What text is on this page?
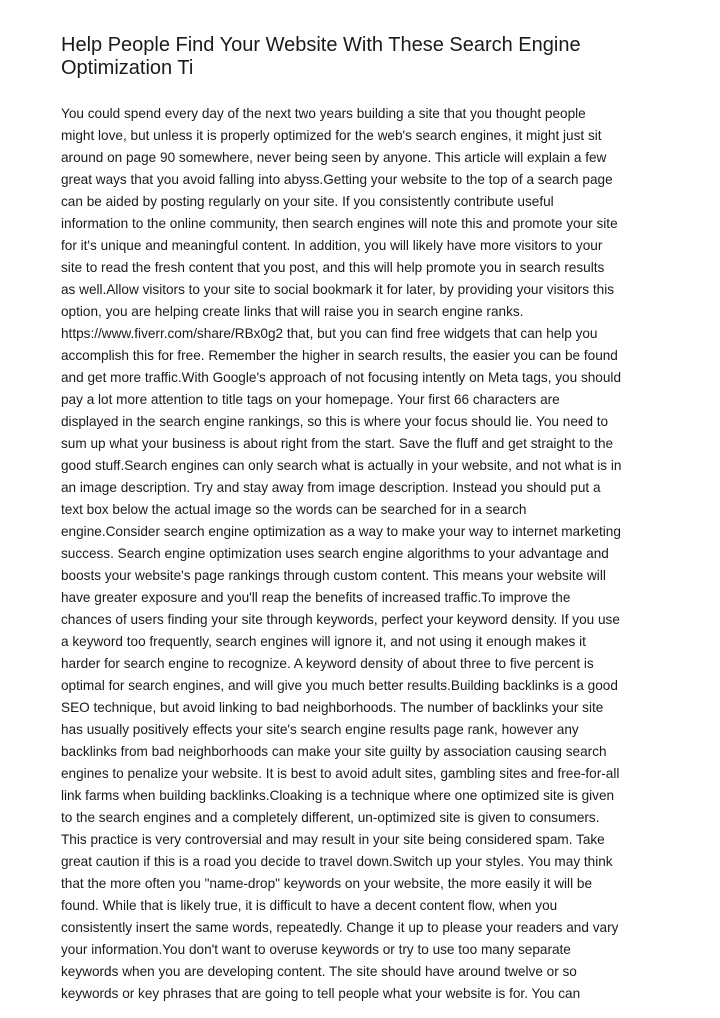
Help People Find Your Website With These Search Engine
Optimization Ti
You could spend every day of the next two years building a site that you thought people
might love, but unless it is properly optimized for the web's search engines, it might just sit
around on page 90 somewhere, never being seen by anyone. This article will explain a few
great ways that you avoid falling into abyss.Getting your website to the top of a search page
can be aided by posting regularly on your site. If you consistently contribute useful
information to the online community, then search engines will note this and promote your site
for it's unique and meaningful content. In addition, you will likely have more visitors to your
site to read the fresh content that you post, and this will help promote you in search results
as well.Allow visitors to your site to social bookmark it for later, by providing your visitors this
option, you are helping create links that will raise you in search engine ranks.
https://www.fiverr.com/share/RBx0g2 that, but you can find free widgets that can help you
accomplish this for free. Remember the higher in search results, the easier you can be found
and get more traffic.With Google's approach of not focusing intently on Meta tags, you should
pay a lot more attention to title tags on your homepage. Your first 66 characters are
displayed in the search engine rankings, so this is where your focus should lie. You need to
sum up what your business is about right from the start. Save the fluff and get straight to the
good stuff.Search engines can only search what is actually in your website, and not what is in
an image description. Try and stay away from image description. Instead you should put a
text box below the actual image so the words can be searched for in a search
engine.Consider search engine optimization as a way to make your way to internet marketing
success. Search engine optimization uses search engine algorithms to your advantage and
boosts your website's page rankings through custom content. This means your website will
have greater exposure and you'll reap the benefits of increased traffic.To improve the
chances of users finding your site through keywords, perfect your keyword density. If you use
a keyword too frequently, search engines will ignore it, and not using it enough makes it
harder for search engine to recognize. A keyword density of about three to five percent is
optimal for search engines, and will give you much better results.Building backlinks is a good
SEO technique, but avoid linking to bad neighborhoods. The number of backlinks your site
has usually positively effects your site's search engine results page rank, however any
backlinks from bad neighborhoods can make your site guilty by association causing search
engines to penalize your website. It is best to avoid adult sites, gambling sites and free-for-all
link farms when building backlinks.Cloaking is a technique where one optimized site is given
to the search engines and a completely different, un-optimized site is given to consumers.
This practice is very controversial and may result in your site being considered spam. Take
great caution if this is a road you decide to travel down.Switch up your styles. You may think
that the more often you "name-drop" keywords on your website, the more easily it will be
found. While that is likely true, it is difficult to have a decent content flow, when you
consistently insert the same words, repeatedly. Change it up to please your readers and vary
your information.You don't want to overuse keywords or try to use too many separate
keywords when you are developing content. The site should have around twelve or so
keywords or key phrases that are going to tell people what your website is for. You can
